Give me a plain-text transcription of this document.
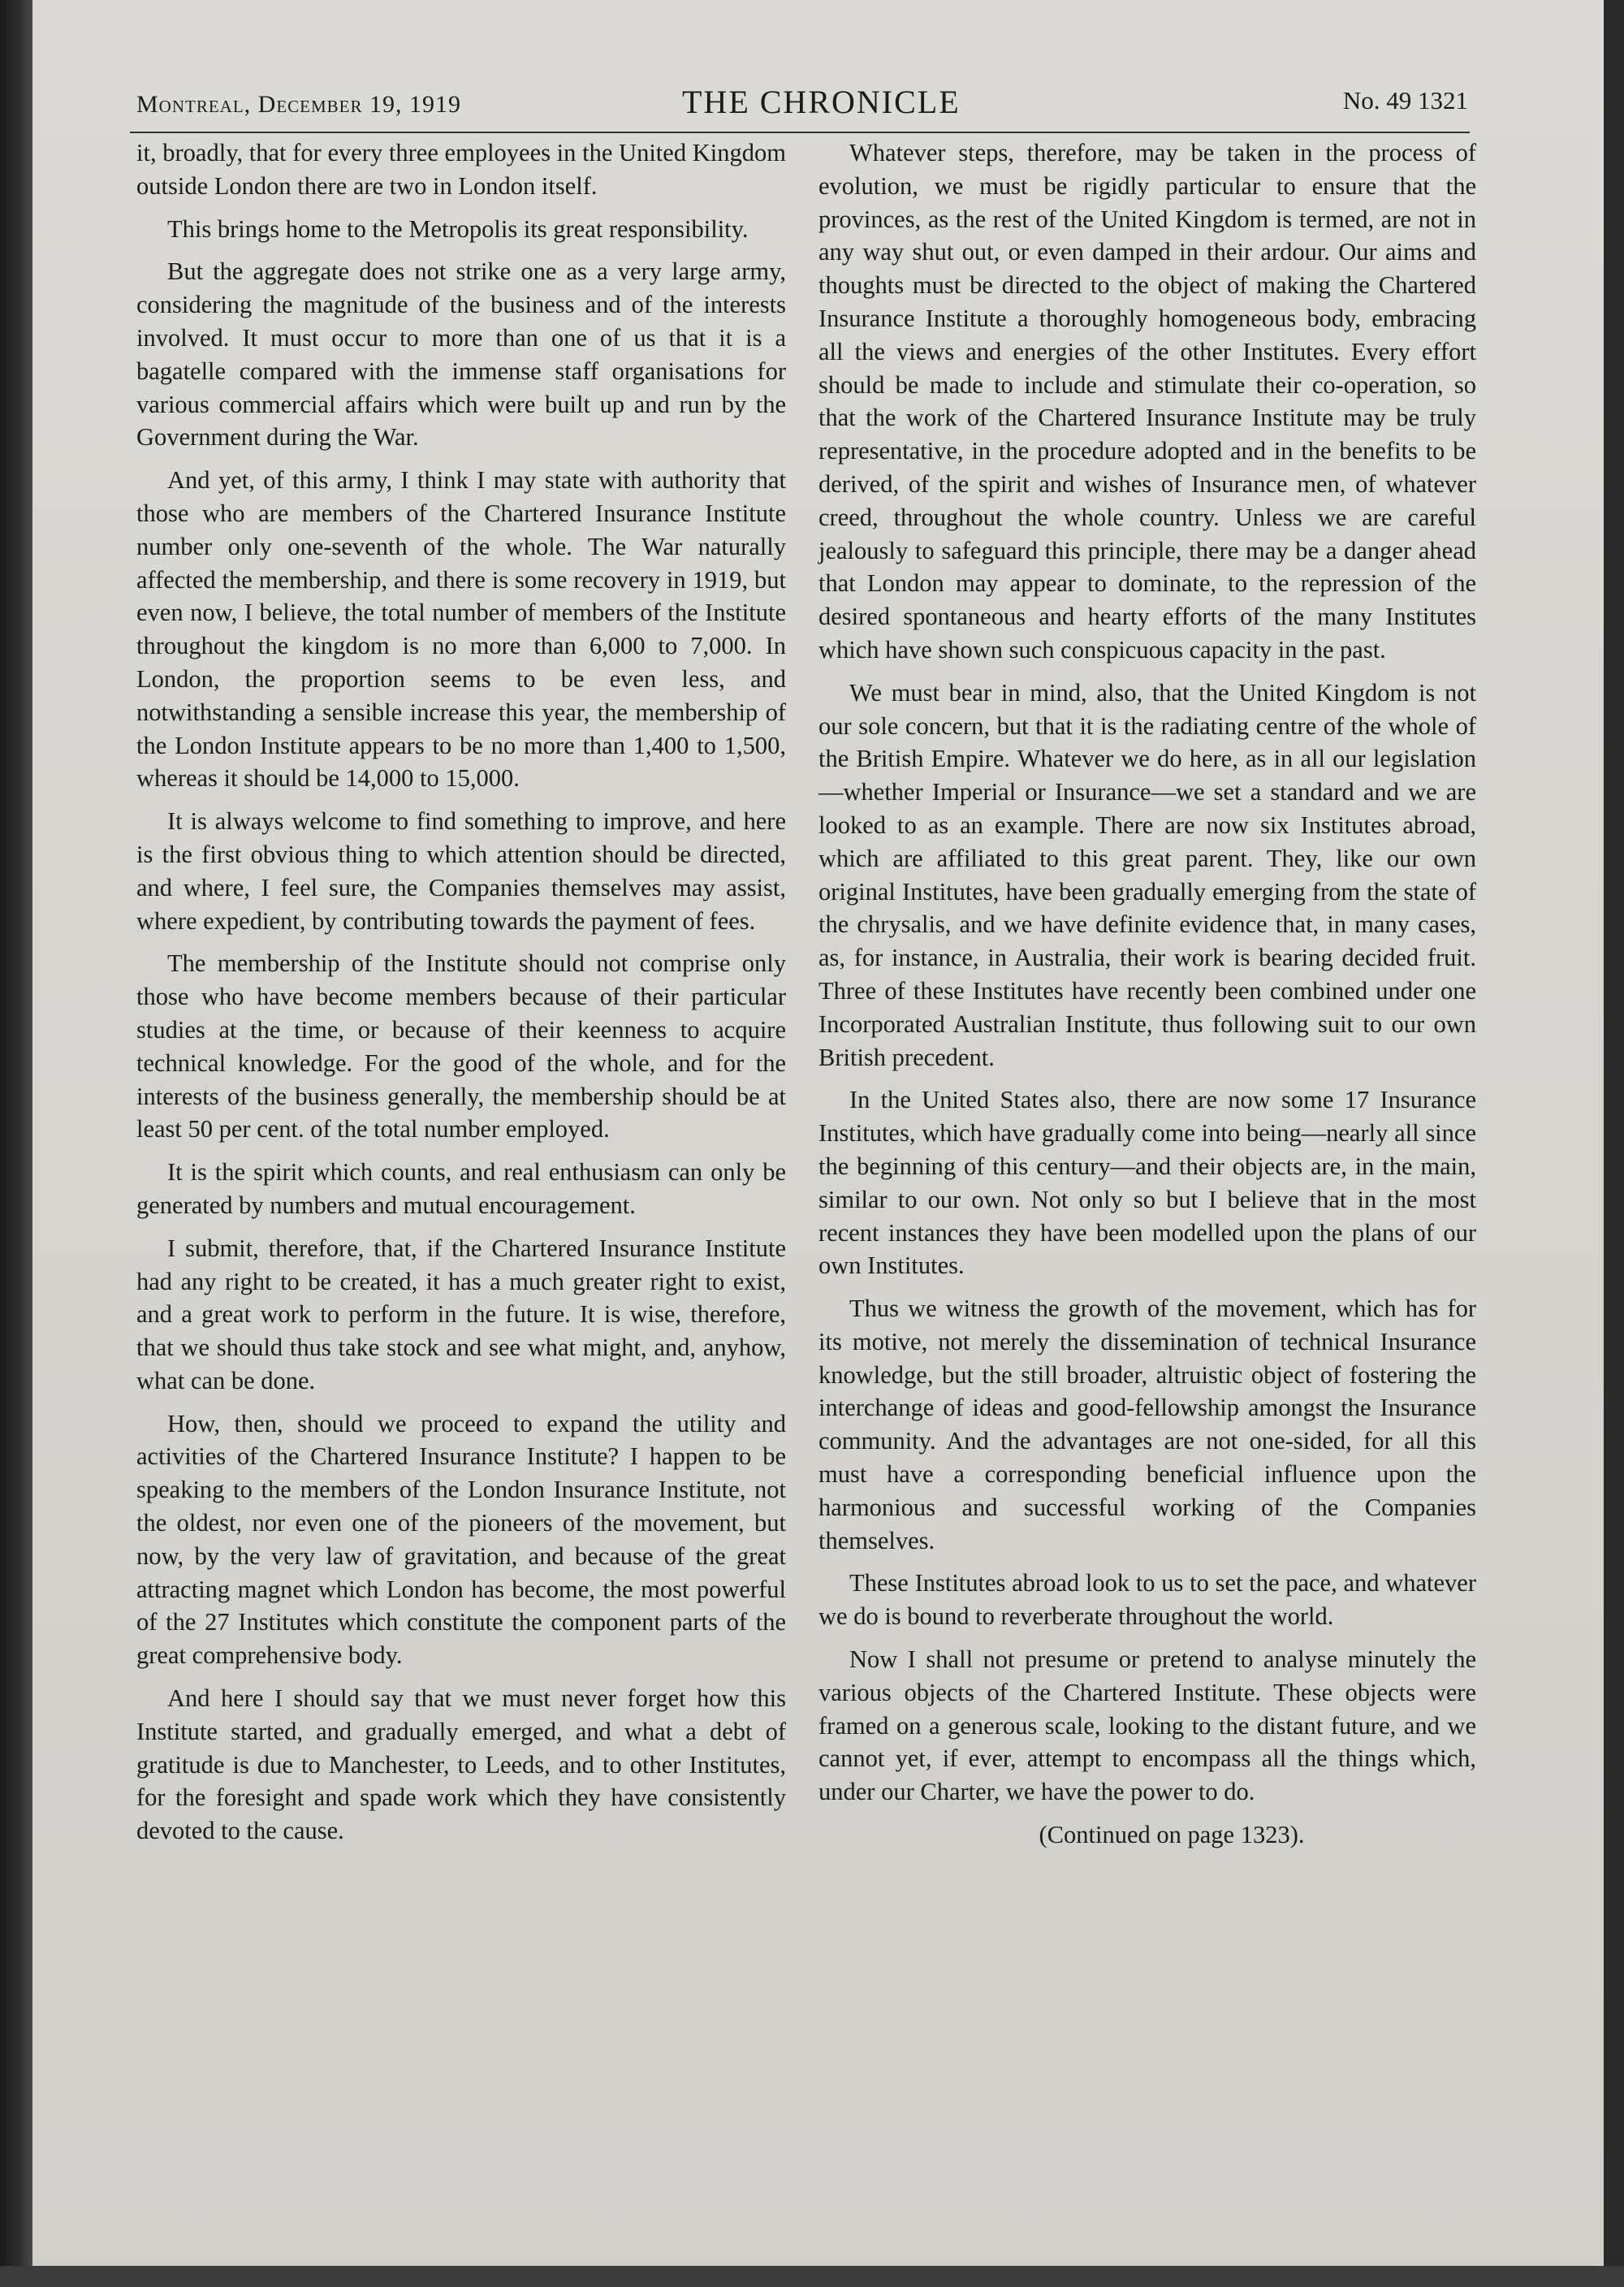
Montreal, December 19, 1919	THE CHRONICLE	No. 49 1321

it, broadly, that for every three employees in the United Kingdom outside London there are two in London itself.

This brings home to the Metropolis its great responsibility.

But the aggregate does not strike one as a very large army, considering the magnitude of the business and of the interests involved. It must occur to more than one of us that it is a bagatelle compared with the immense staff organisations for various commercial affairs which were built up and run by the Government during the War.

And yet, of this army, I think I may state with authority that those who are members of the Chartered Insurance Institute number only one-seventh of the whole. The War naturally affected the membership, and there is some recovery in 1919, but even now, I believe, the total number of members of the Institute throughout the kingdom is no more than 6,000 to 7,000. In London, the proportion seems to be even less, and notwithstanding a sensible increase this year, the membership of the London Institute appears to be no more than 1,400 to 1,500, whereas it should be 14,000 to 15,000.

It is always welcome to find something to improve, and here is the first obvious thing to which attention should be directed, and where, I feel sure, the Companies themselves may assist, where expedient, by contributing towards the payment of fees.

The membership of the Institute should not comprise only those who have become members because of their particular studies at the time, or because of their keenness to acquire technical knowledge. For the good of the whole, and for the interests of the business generally, the membership should be at least 50 per cent. of the total number employed.

It is the spirit which counts, and real enthusiasm can only be generated by numbers and mutual encouragement.

I submit, therefore, that, if the Chartered Insurance Institute had any right to be created, it has a much greater right to exist, and a great work to perform in the future. It is wise, therefore, that we should thus take stock and see what might, and, anyhow, what can be done.

How, then, should we proceed to expand the utility and activities of the Chartered Insurance Institute? I happen to be speaking to the members of the London Insurance Institute, not the oldest, nor even one of the pioneers of the movement, but now, by the very law of gravitation, and because of the great attracting magnet which London has become, the most powerful of the 27 Institutes which constitute the component parts of the great comprehensive body.

And here I should say that we must never forget how this Institute started, and gradually emerged, and what a debt of gratitude is due to Manchester, to Leeds, and to other Institutes, for the foresight and spade work which they have consistently devoted to the cause.

Whatever steps, therefore, may be taken in the process of evolution, we must be rigidly particular to ensure that the provinces, as the rest of the United Kingdom is termed, are not in any way shut out, or even damped in their ardour. Our aims and thoughts must be directed to the object of making the Chartered Insurance Institute a thoroughly homogeneous body, embracing all the views and energies of the other Institutes. Every effort should be made to include and stimulate their co-operation, so that the work of the Chartered Insurance Institute may be truly representative, in the procedure adopted and in the benefits to be derived, of the spirit and wishes of Insurance men, of whatever creed, throughout the whole country. Unless we are careful jealously to safeguard this principle, there may be a danger ahead that London may appear to dominate, to the repression of the desired spontaneous and hearty efforts of the many Institutes which have shown such conspicuous capacity in the past.

We must bear in mind, also, that the United Kingdom is not our sole concern, but that it is the radiating centre of the whole of the British Empire. Whatever we do here, as in all our legislation—whether Imperial or Insurance—we set a standard and we are looked to as an example. There are now six Institutes abroad, which are affiliated to this great parent. They, like our own original Institutes, have been gradually emerging from the state of the chrysalis, and we have definite evidence that, in many cases, as, for instance, in Australia, their work is bearing decided fruit. Three of these Institutes have recently been combined under one Incorporated Australian Institute, thus following suit to our own British precedent.

In the United States also, there are now some 17 Insurance Institutes, which have gradually come into being—nearly all since the beginning of this century—and their objects are, in the main, similar to our own. Not only so but I believe that in the most recent instances they have been modelled upon the plans of our own Institutes.

Thus we witness the growth of the movement, which has for its motive, not merely the dissemination of technical Insurance knowledge, but the still broader, altruistic object of fostering the interchange of ideas and good-fellowship amongst the Insurance community. And the advantages are not one-sided, for all this must have a corresponding beneficial influence upon the harmonious and successful working of the Companies themselves.

These Institutes abroad look to us to set the pace, and whatever we do is bound to reverberate throughout the world.

Now I shall not presume or pretend to analyse minutely the various objects of the Chartered Institute. These objects were framed on a generous scale, looking to the distant future, and we cannot yet, if ever, attempt to encompass all the things which, under our Charter, we have the power to do.

(Continued on page 1323).
